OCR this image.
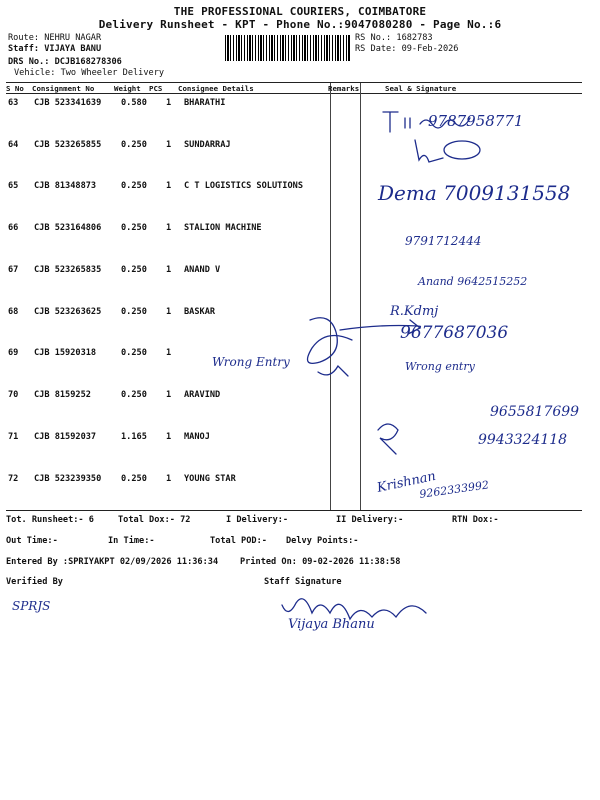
THE PROFESSIONAL COURIERS, COIMBATORE
Delivery Runsheet - KPT - Phone No.:9047080280 - Page No.:6
Route: NEHRU NAGAR
Staff: VIJAYA BANU
DRS No.: DCJB168278306
Vehicle: Two Wheeler Delivery
RS No.: 1682783
RS Date: 09-Feb-2026
S No Consignment No	Weight PCS Consignee Details	Remarks	Seal & Signature
63 CJB 523341639 0.580 1 BHARATHI
64 CJB 523265855 0.250 1 SUNDARRAJ
65 CJB 81348873	0.250 1 C T LOGISTICS SOLUTIONS
66 CJB 523164806 0.250 1 STALION MACHINE
67 CJB 523265835 0.250 1 ANAND V
68 CJB 523263625 0.250 1 BASKAR
69 CJB 15920318	0.250 1
70 CJB 8159252	0.250 1 ARAVIND
71 CJB 81592037	1.165 1 MANOJ
72 CJB 523239350 0.250 1 YOUNG STAR
Tot. Runsheet:- 6	Total Dox:- 72	I Delivery:-	II Delivery:-	RTN Dox:-
Out Time:-	In Time:-	Total POD:- Delvy Points:-
Entered By :SPRIYAKPT 02/09/2026 11:36:34	Printed On: 09-02-2026 11:38:58
Verified By	Staff Signature
9787958771
Dema 7009131558
9791712444
Anand 9642515252
R.Kdmj
9677687036
Wrong Entry	Wrong entry
9655817699
9943324118
Krishnan
9262333992
SPRJS
Vijaya Bhanu
